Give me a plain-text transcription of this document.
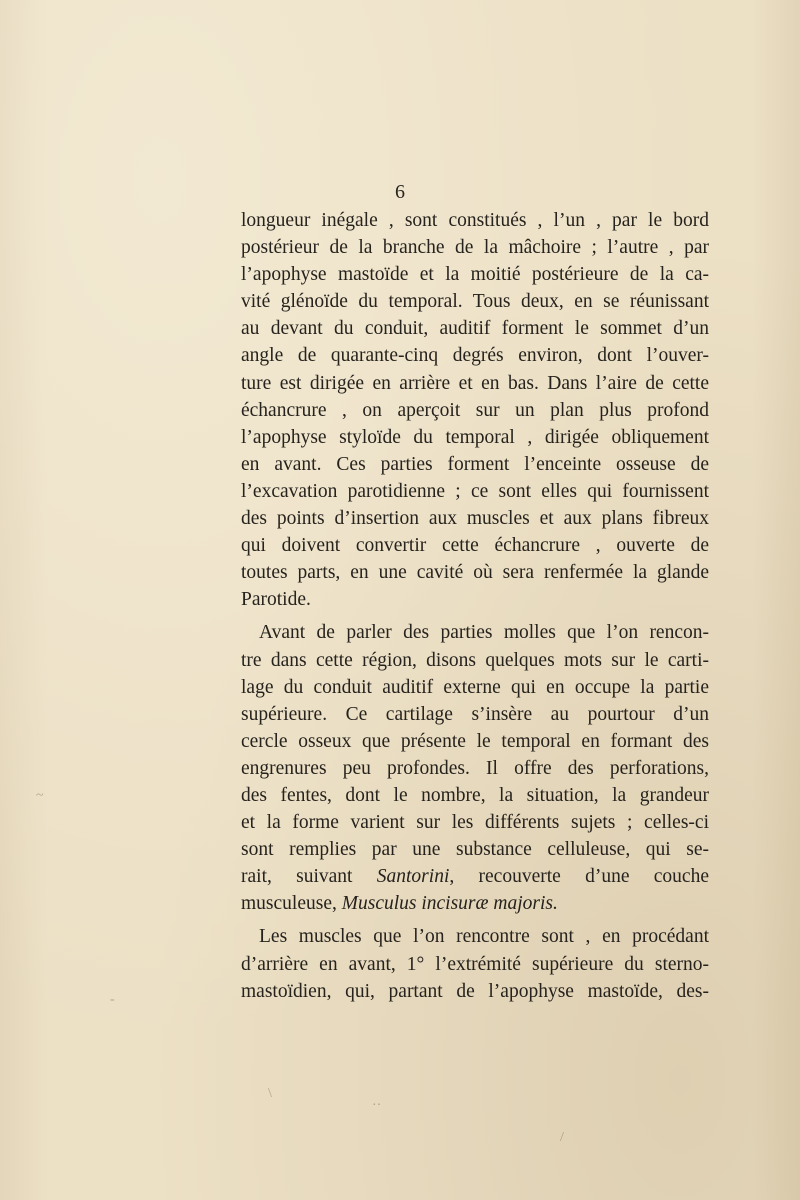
6
longueur inégale , sont constitués , l’un , par le bord
postérieur de la branche de la mâchoire ; l’autre , par
l’apophyse mastoïde et la moitié postérieure de la ca-
vité glénoïde du temporal. Tous deux, en se réunissant
au devant du conduit, auditif forment le sommet d’un
angle de quarante-cinq degrés environ, dont l’ouver-
ture est dirigée en arrière et en bas. Dans l’aire de cette
échancrure , on aperçoit sur un plan plus profond
l’apophyse styloïde du temporal , dirigée obliquement
en avant. Ces parties forment l’enceinte osseuse de
l’excavation parotidienne ; ce sont elles qui fournissent
des points d’insertion aux muscles et aux plans fibreux
qui doivent convertir cette échancrure , ouverte de
toutes parts, en une cavité où sera renfermée la glande
Parotide.
Avant de parler des parties molles que l’on rencon-
tre dans cette région, disons quelques mots sur le carti-
lage du conduit auditif externe qui en occupe la partie
supérieure. Ce cartilage s’insère au pourtour d’un
cercle osseux que présente le temporal en formant des
engrenures peu profondes. Il offre des perforations,
des fentes, dont le nombre, la situation, la grandeur
et la forme varient sur les différents sujets ; celles-ci
sont remplies par une substance celluleuse, qui se-
rait, suivant Santorini, recouverte d’une couche
musculeuse, Musculus incisuræ majoris.
Les muscles que l’on rencontre sont , en procédant
d’arrière en avant, 1° l’extrémité supérieure du sterno-
mastoïdien, qui, partant de l’apophyse mastoïde, des-
~
\
··
/
-
